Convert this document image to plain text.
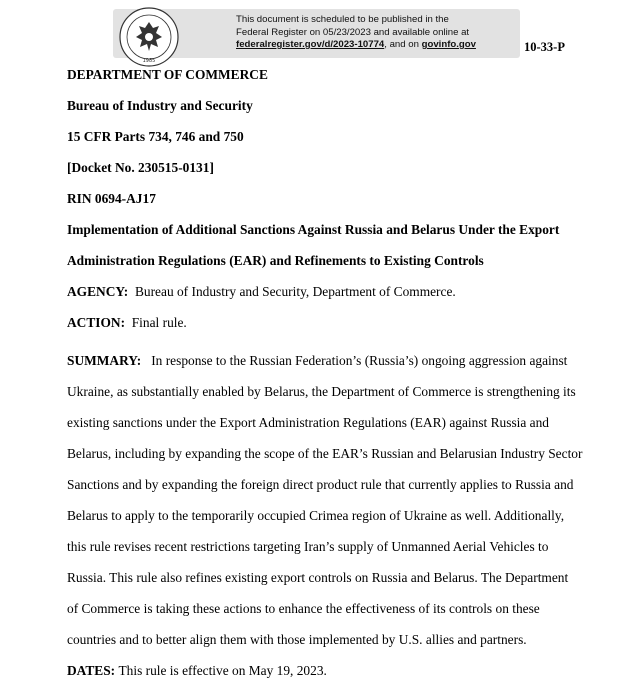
1985
This document is scheduled to be published in the
Federal Register on 05/23/2023 and available online at
federalregister.gov/d/2023-10774, and on govinfo.gov	10-33-P
DEPARTMENT OF COMMERCE
Bureau of Industry and Security
15 CFR Parts 734, 746 and 750
[Docket No. 230515-0131]
RIN 0694-AJ17
Implementation of Additional Sanctions Against Russia and Belarus Under the Export
Administration Regulations (EAR) and Refinements to Existing Controls
AGENCY: Bureau of Industry and Security, Department of Commerce.
ACTION: Final rule.
SUMMARY: In response to the Russian Federation’s (Russia’s) ongoing aggression against
Ukraine, as substantially enabled by Belarus, the Department of Commerce is strengthening its
existing sanctions under the Export Administration Regulations (EAR) against Russia and
Belarus, including by expanding the scope of the EAR’s Russian and Belarusian Industry Sector
Sanctions and by expanding the foreign direct product rule that currently applies to Russia and
Belarus to apply to the temporarily occupied Crimea region of Ukraine as well. Additionally,
this rule revises recent restrictions targeting Iran’s supply of Unmanned Aerial Vehicles to
Russia. This rule also refines existing export controls on Russia and Belarus. The Department
of Commerce is taking these actions to enhance the effectiveness of its controls on these
countries and to better align them with those implemented by U.S. allies and partners.
DATES: This rule is effective on May 19, 2023.
